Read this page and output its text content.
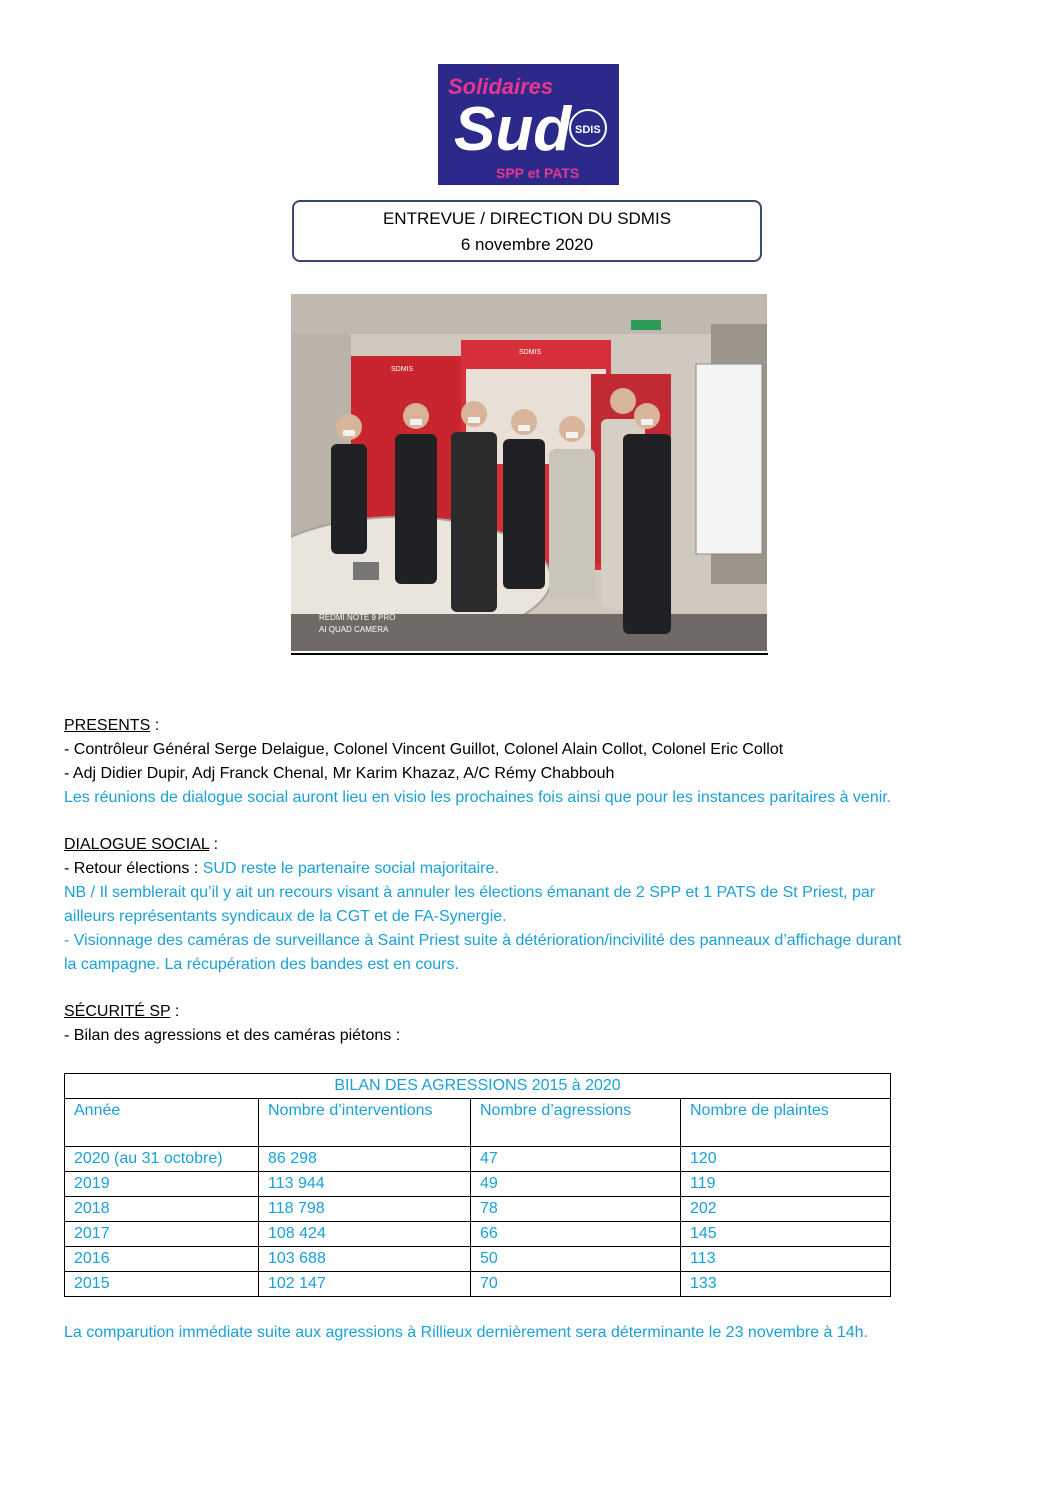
Solidaires
Sud SDIS
SPP et PATS
ENTREVUE / DIRECTION DU SDMIS
6 novembre 2020
SDMIS
SDMIS
REDMI NOTE 9 PRO
AI QUAD CAMERA
PRESENTS :
- Contrôleur Général Serge Delaigue, Colonel Vincent Guillot, Colonel Alain Collot, Colonel Eric Collot
- Adj Didier Dupir, Adj Franck Chenal, Mr Karim Khazaz, A/C Rémy Chabbouh
Les réunions de dialogue social auront lieu en visio les prochaines fois ainsi que pour les instances paritaires à venir.
DIALOGUE SOCIAL :
- Retour élections : SUD reste le partenaire social majoritaire.
NB / Il semblerait qu’il y ait un recours visant à annuler les élections émanant de 2 SPP et 1 PATS de St Priest, par
ailleurs représentants syndicaux de la CGT et de FA-Synergie.
- Visionnage des caméras de surveillance à Saint Priest suite à détérioration/incivilité des panneaux d’affichage durant
la campagne. La récupération des bandes est en cours.
SÉCURITÉ SP :
- Bilan des agressions et des caméras piétons :
BILAN DES AGRESSIONS 2015 à 2020			
Année	Nombre d’interventions	Nombre d’agressions	Nombre de plaintes
2020 (au 31 octobre)	86 298	47	120
2019	113 944	49	119
2018	118 798	78	202
2017	108 424	66	145
2016	103 688	50	113
2015	102 147	70	133
La comparution immédiate suite aux agressions à Rillieux dernièrement sera déterminante le 23 novembre à 14h.
